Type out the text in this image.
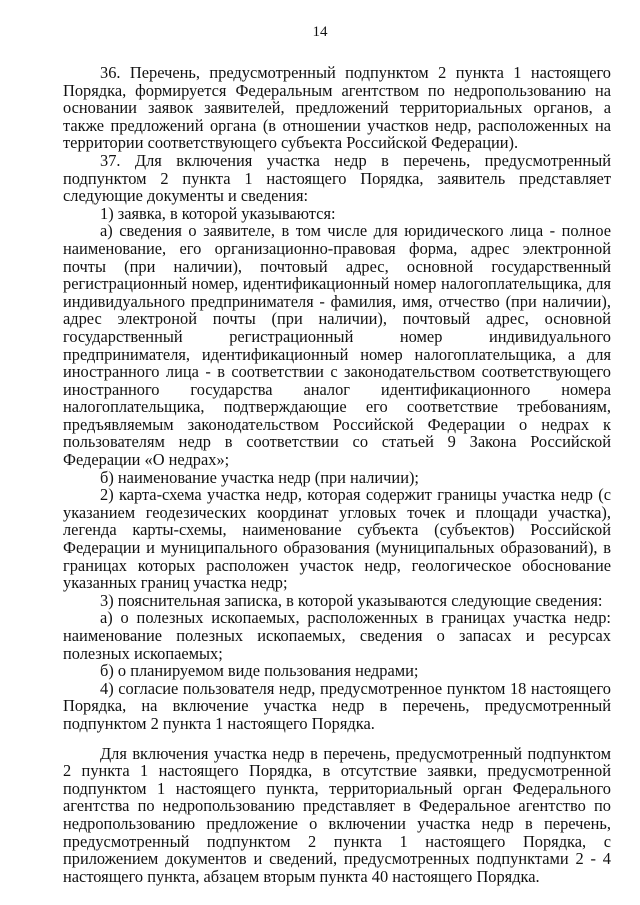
14

36. Перечень, предусмотренный подпунктом 2 пункта 1 настоящего Порядка, формируется Федеральным агентством по недропользованию на основании заявок заявителей, предложений территориальных органов, а также предложений органа (в отношении участков недр, расположенных на территории соответствующего субъекта Российской Федерации).

37. Для включения участка недр в перечень, предусмотренный подпунктом 2 пункта 1 настоящего Порядка, заявитель представляет следующие документы и сведения:

1) заявка, в которой указываются:

а) сведения о заявителе, в том числе для юридического лица - полное наименование, его организационно-правовая форма, адрес электронной почты (при наличии), почтовый адрес, основной государственный регистрационный номер, идентификационный номер налогоплательщика, для индивидуального предпринимателя - фамилия, имя, отчество (при наличии), адрес электроной почты (при наличии), почтовый адрес, основной государственный регистрационный номер индивидуального предпринимателя, идентификационный номер налогоплательщика, а для иностранного лица - в соответствии с законодательством соответствующего иностранного государства аналог идентификационного номера налогоплательщика, подтверждающие его соответствие требованиям, предъявляемым законодательством Российской Федерации о недрах к пользователям недр в соответствии со статьей 9 Закона Российской Федерации «О недрах»;

б) наименование участка недр (при наличии);

2) карта-схема участка недр, которая содержит границы участка недр (с указанием геодезических координат угловых точек и площади участка), легенда карты-схемы, наименование субъекта (субъектов) Российской Федерации и муниципального образования (муниципальных образований), в границах которых расположен участок недр, геологическое обоснование указанных границ участка недр;

3) пояснительная записка, в которой указываются следующие сведения:

а) о полезных ископаемых, расположенных в границах участка недр: наименование полезных ископаемых, сведения о запасах и ресурсах полезных ископаемых;

б) о планируемом виде пользования недрами;

4) согласие пользователя недр, предусмотренное пунктом 18 настоящего Порядка, на включение участка недр в перечень, предусмотренный подпунктом 2 пункта 1 настоящего Порядка.

Для включения участка недр в перечень, предусмотренный подпунктом 2 пункта 1 настоящего Порядка, в отсутствие заявки, предусмотренной подпунктом 1 настоящего пункта, территориальный орган Федерального агентства по недропользованию представляет в Федеральное агентство по недропользованию предложение о включении участка недр в перечень, предусмотренный подпунктом 2 пункта 1 настоящего Порядка, с приложением документов и сведений, предусмотренных подпунктами 2 - 4 настоящего пункта, абзацем вторым пункта 40 настоящего Порядка.
